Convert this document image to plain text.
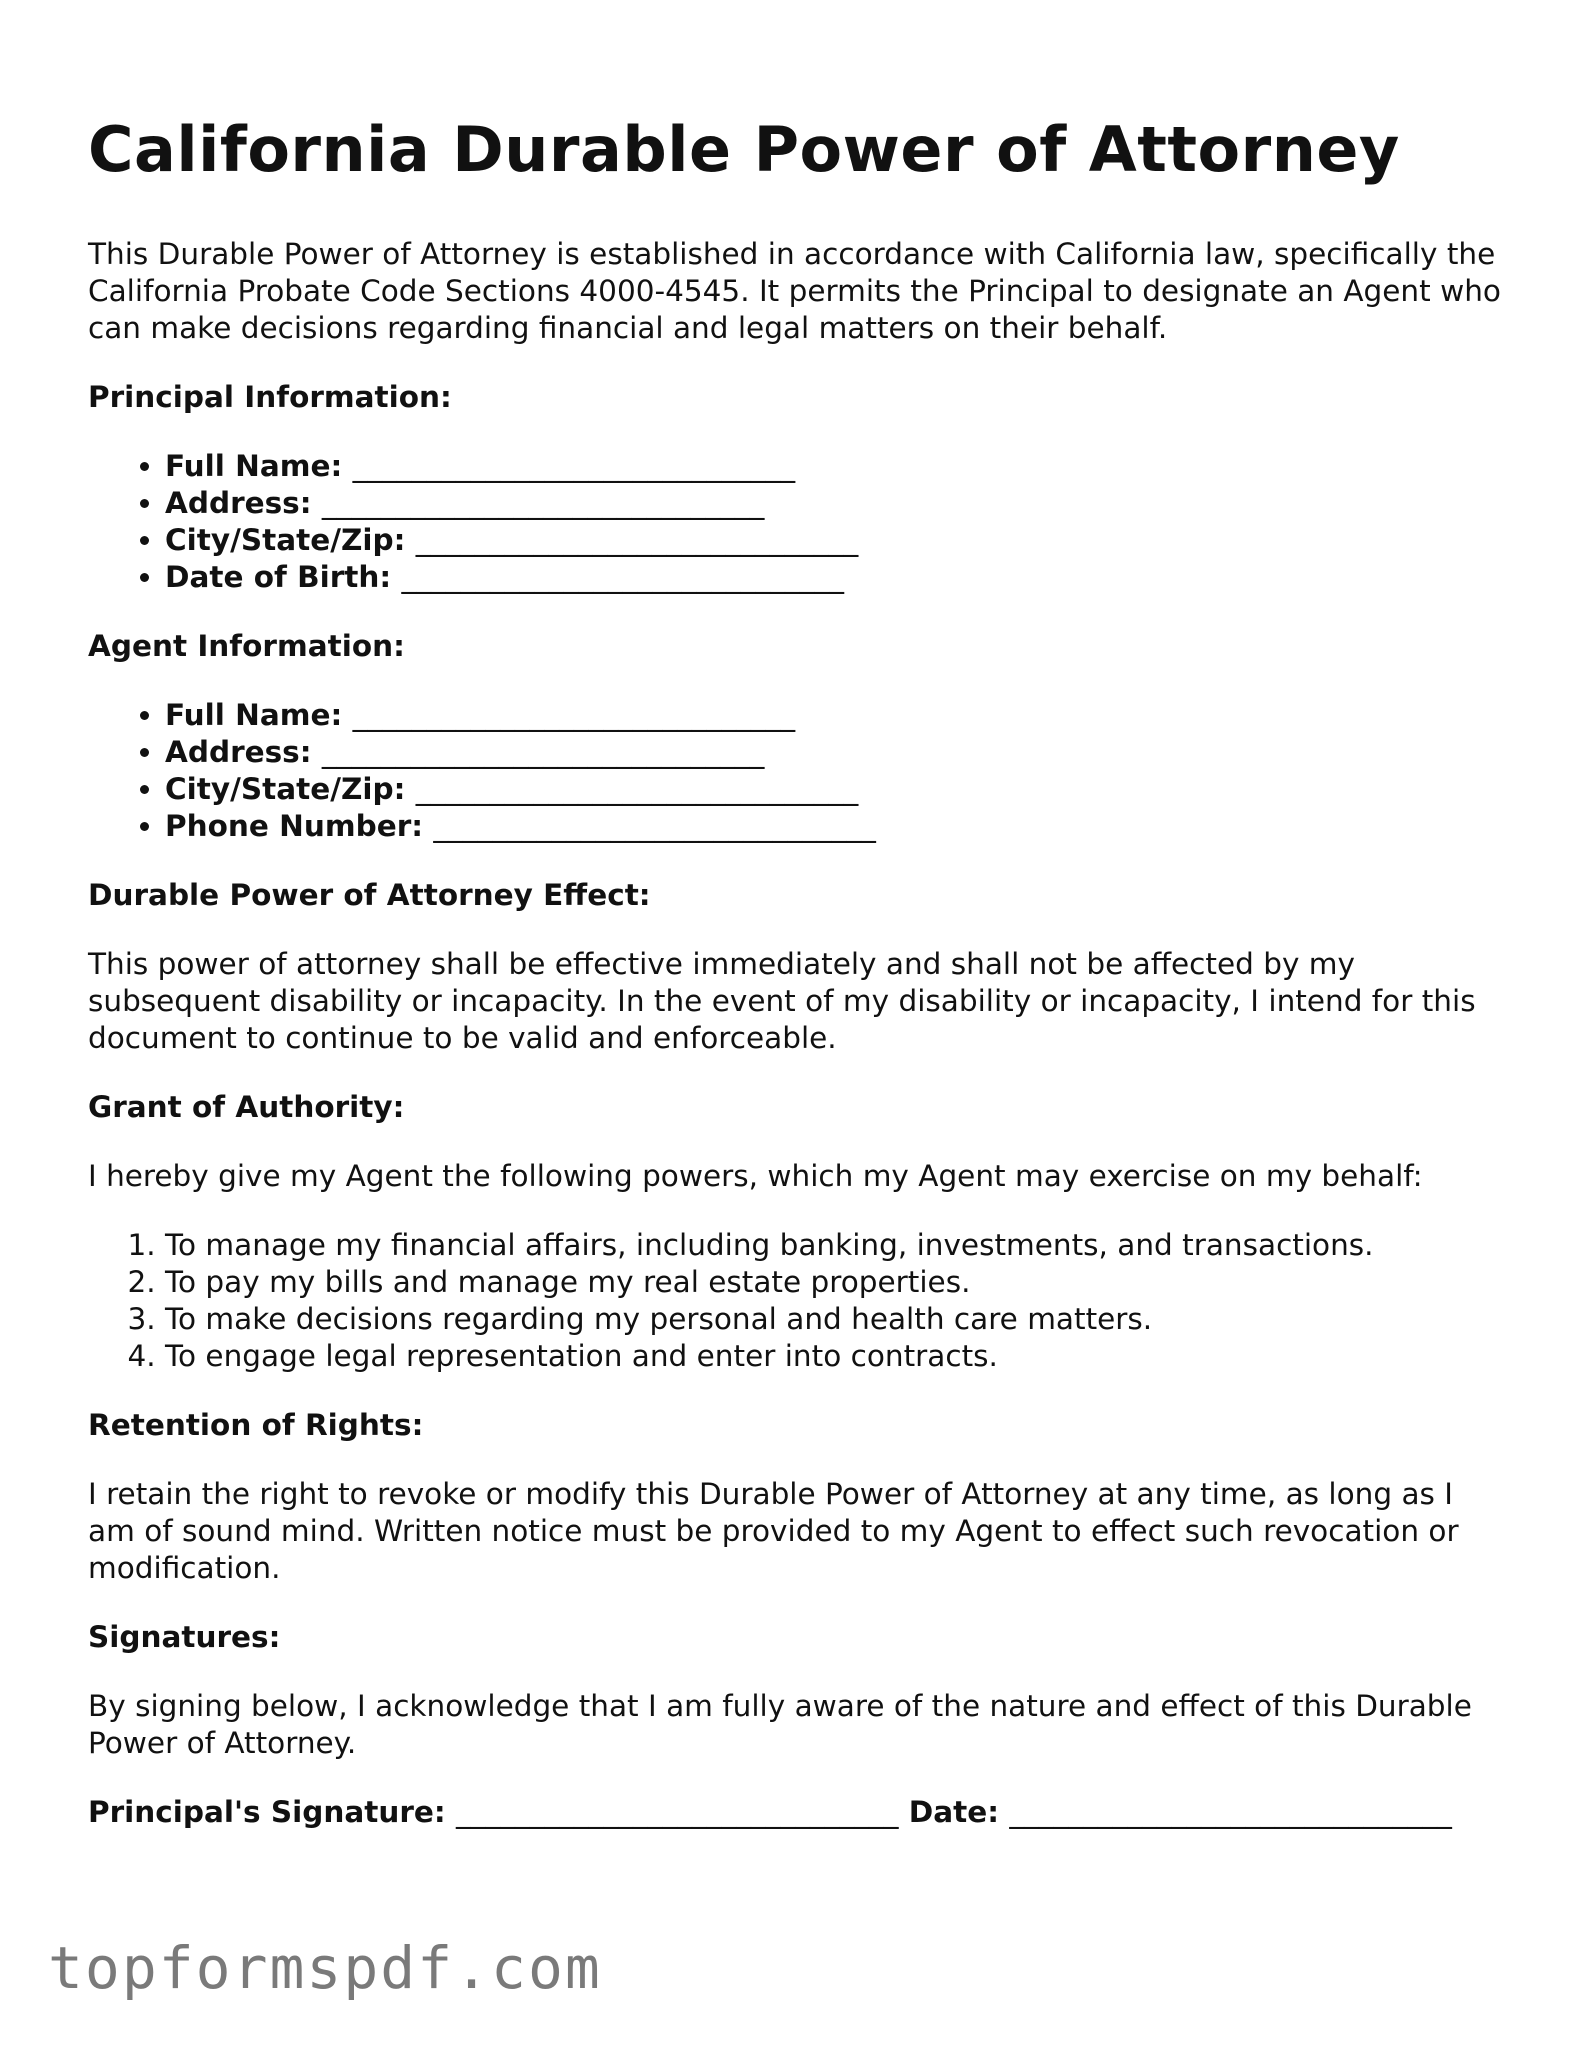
California Durable Power of Attorney

This Durable Power of Attorney is established in accordance with California law, specifically the California Probate Code Sections 4000-4545. It permits the Principal to designate an Agent who can make decisions regarding financial and legal matters on their behalf.

Principal Information:
• Full Name: ______________________________
• Address: ______________________________
• City/State/Zip: ______________________________
• Date of Birth: ______________________________
Agent Information:
• Full Name: ______________________________
• Address: ______________________________
• City/State/Zip: ______________________________
• Phone Number: ______________________________
Durable Power of Attorney Effect:

This power of attorney shall be effective immediately and shall not be affected by my subsequent disability or incapacity. In the event of my disability or incapacity, I intend for this document to continue to be valid and enforceable.

Grant of Authority:

I hereby give my Agent the following powers, which my Agent may exercise on my behalf:

1. To manage my financial affairs, including banking, investments, and transactions.
2. To pay my bills and manage my real estate properties.
3. To make decisions regarding my personal and health care matters.
4. To engage legal representation and enter into contracts.
Retention of Rights:

I retain the right to revoke or modify this Durable Power of Attorney at any time, as long as I am of sound mind. Written notice must be provided to my Agent to effect such revocation or modification.

Signatures:

By signing below, I acknowledge that I am fully aware of the nature and effect of this Durable Power of Attorney.

Principal's Signature: ______________________________ Date: ______________________________
topformspdf.com
